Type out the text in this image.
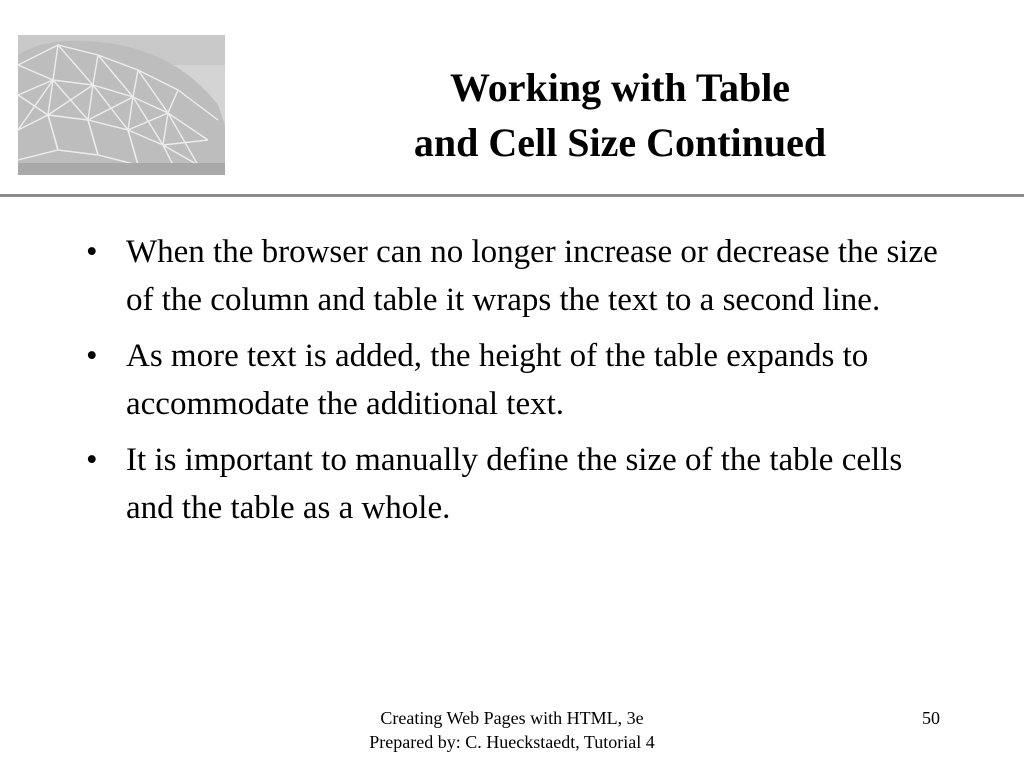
Working with Table
and Cell Size Continued
• When the browser can no longer increase or decrease the size of the column and table it wraps the text to a second line.
• As more text is added, the height of the table expands to accommodate the additional text.
• It is important to manually define the size of the table cells and the table as a whole.
Creating Web Pages with HTML, 3e
Prepared by: C. Hueckstaedt, Tutorial 4
50
